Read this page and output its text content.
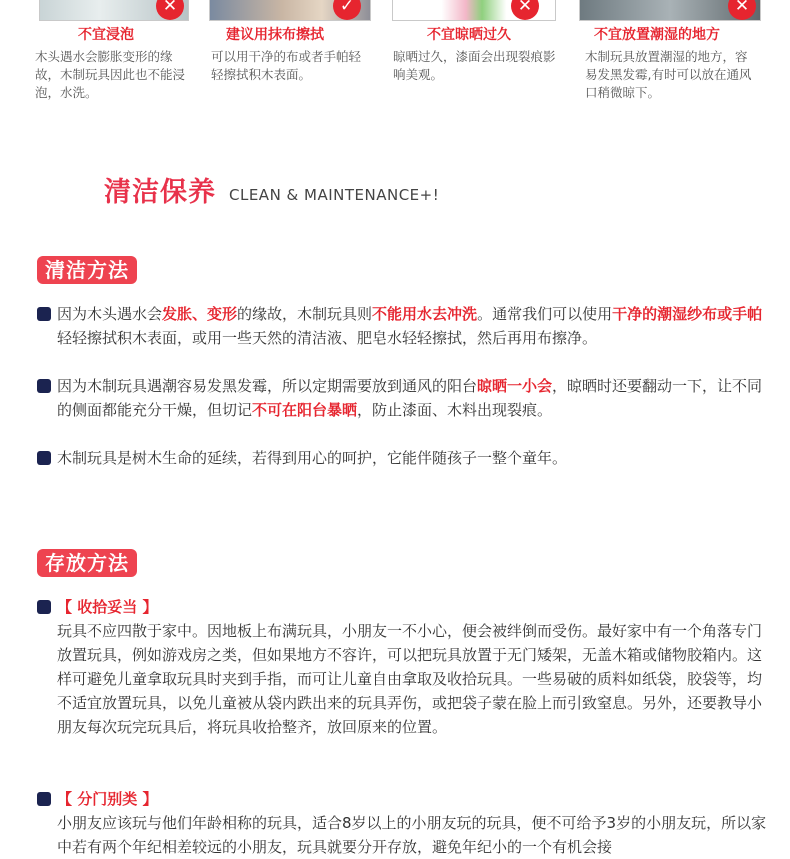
✕
不宜浸泡
木头遇水会膨胀变形的缘故，木制玩具因此也不能浸泡，水洗。
✓
建议用抹布擦拭
可以用干净的布或者手帕轻轻擦拭积木表面。
✕
不宜晾晒过久
晾晒过久，漆面会出现裂痕影响美观。
✕
不宜放置潮湿的地方
木制玩具放置潮湿的地方，容易发黑发霉,有时可以放在通风口稍微晾下。
清洁保养 CLEAN & MAINTENANCE+!
清洁方法
因为木头遇水会发胀、变形的缘故，木制玩具则不能用水去冲洗。通常我们可以使用干净的潮湿纱布或手帕轻轻擦拭积木表面，或用一些天然的清洁液、肥皂水轻轻擦拭，然后再用布擦净。
因为木制玩具遇潮容易发黑发霉，所以定期需要放到通风的阳台晾晒一小会，晾晒时还要翻动一下，让不同的侧面都能充分干燥，但切记不可在阳台暴晒，防止漆面、木料出现裂痕。
木制玩具是树木生命的延续，若得到用心的呵护，它能伴随孩子一整个童年。
存放方法
【 收拾妥当 】
玩具不应四散于家中。因地板上布满玩具，小朋友一不小心，便会被绊倒而受伤。最好家中有一个角落专门放置玩具，例如游戏房之类，但如果地方不容许，可以把玩具放置于无门矮架，无盖木箱或储物胶箱内。这样可避免儿童拿取玩具时夹到手指，而可让儿童自由拿取及收拾玩具。一些易破的质料如纸袋，胶袋等，均不适宜放置玩具，以免儿童被从袋内跌出来的玩具弄伤，或把袋子蒙在脸上而引致窒息。另外，还要教导小朋友每次玩完玩具后，将玩具收拾整齐，放回原来的位置。
【 分门别类 】
小朋友应该玩与他们年龄相称的玩具，适合8岁以上的小朋友玩的玩具，便不可给予3岁的小朋友玩，所以家中若有两个年纪相差较远的小朋友，玩具就要分开存放，避免年纪小的一个有机会接
